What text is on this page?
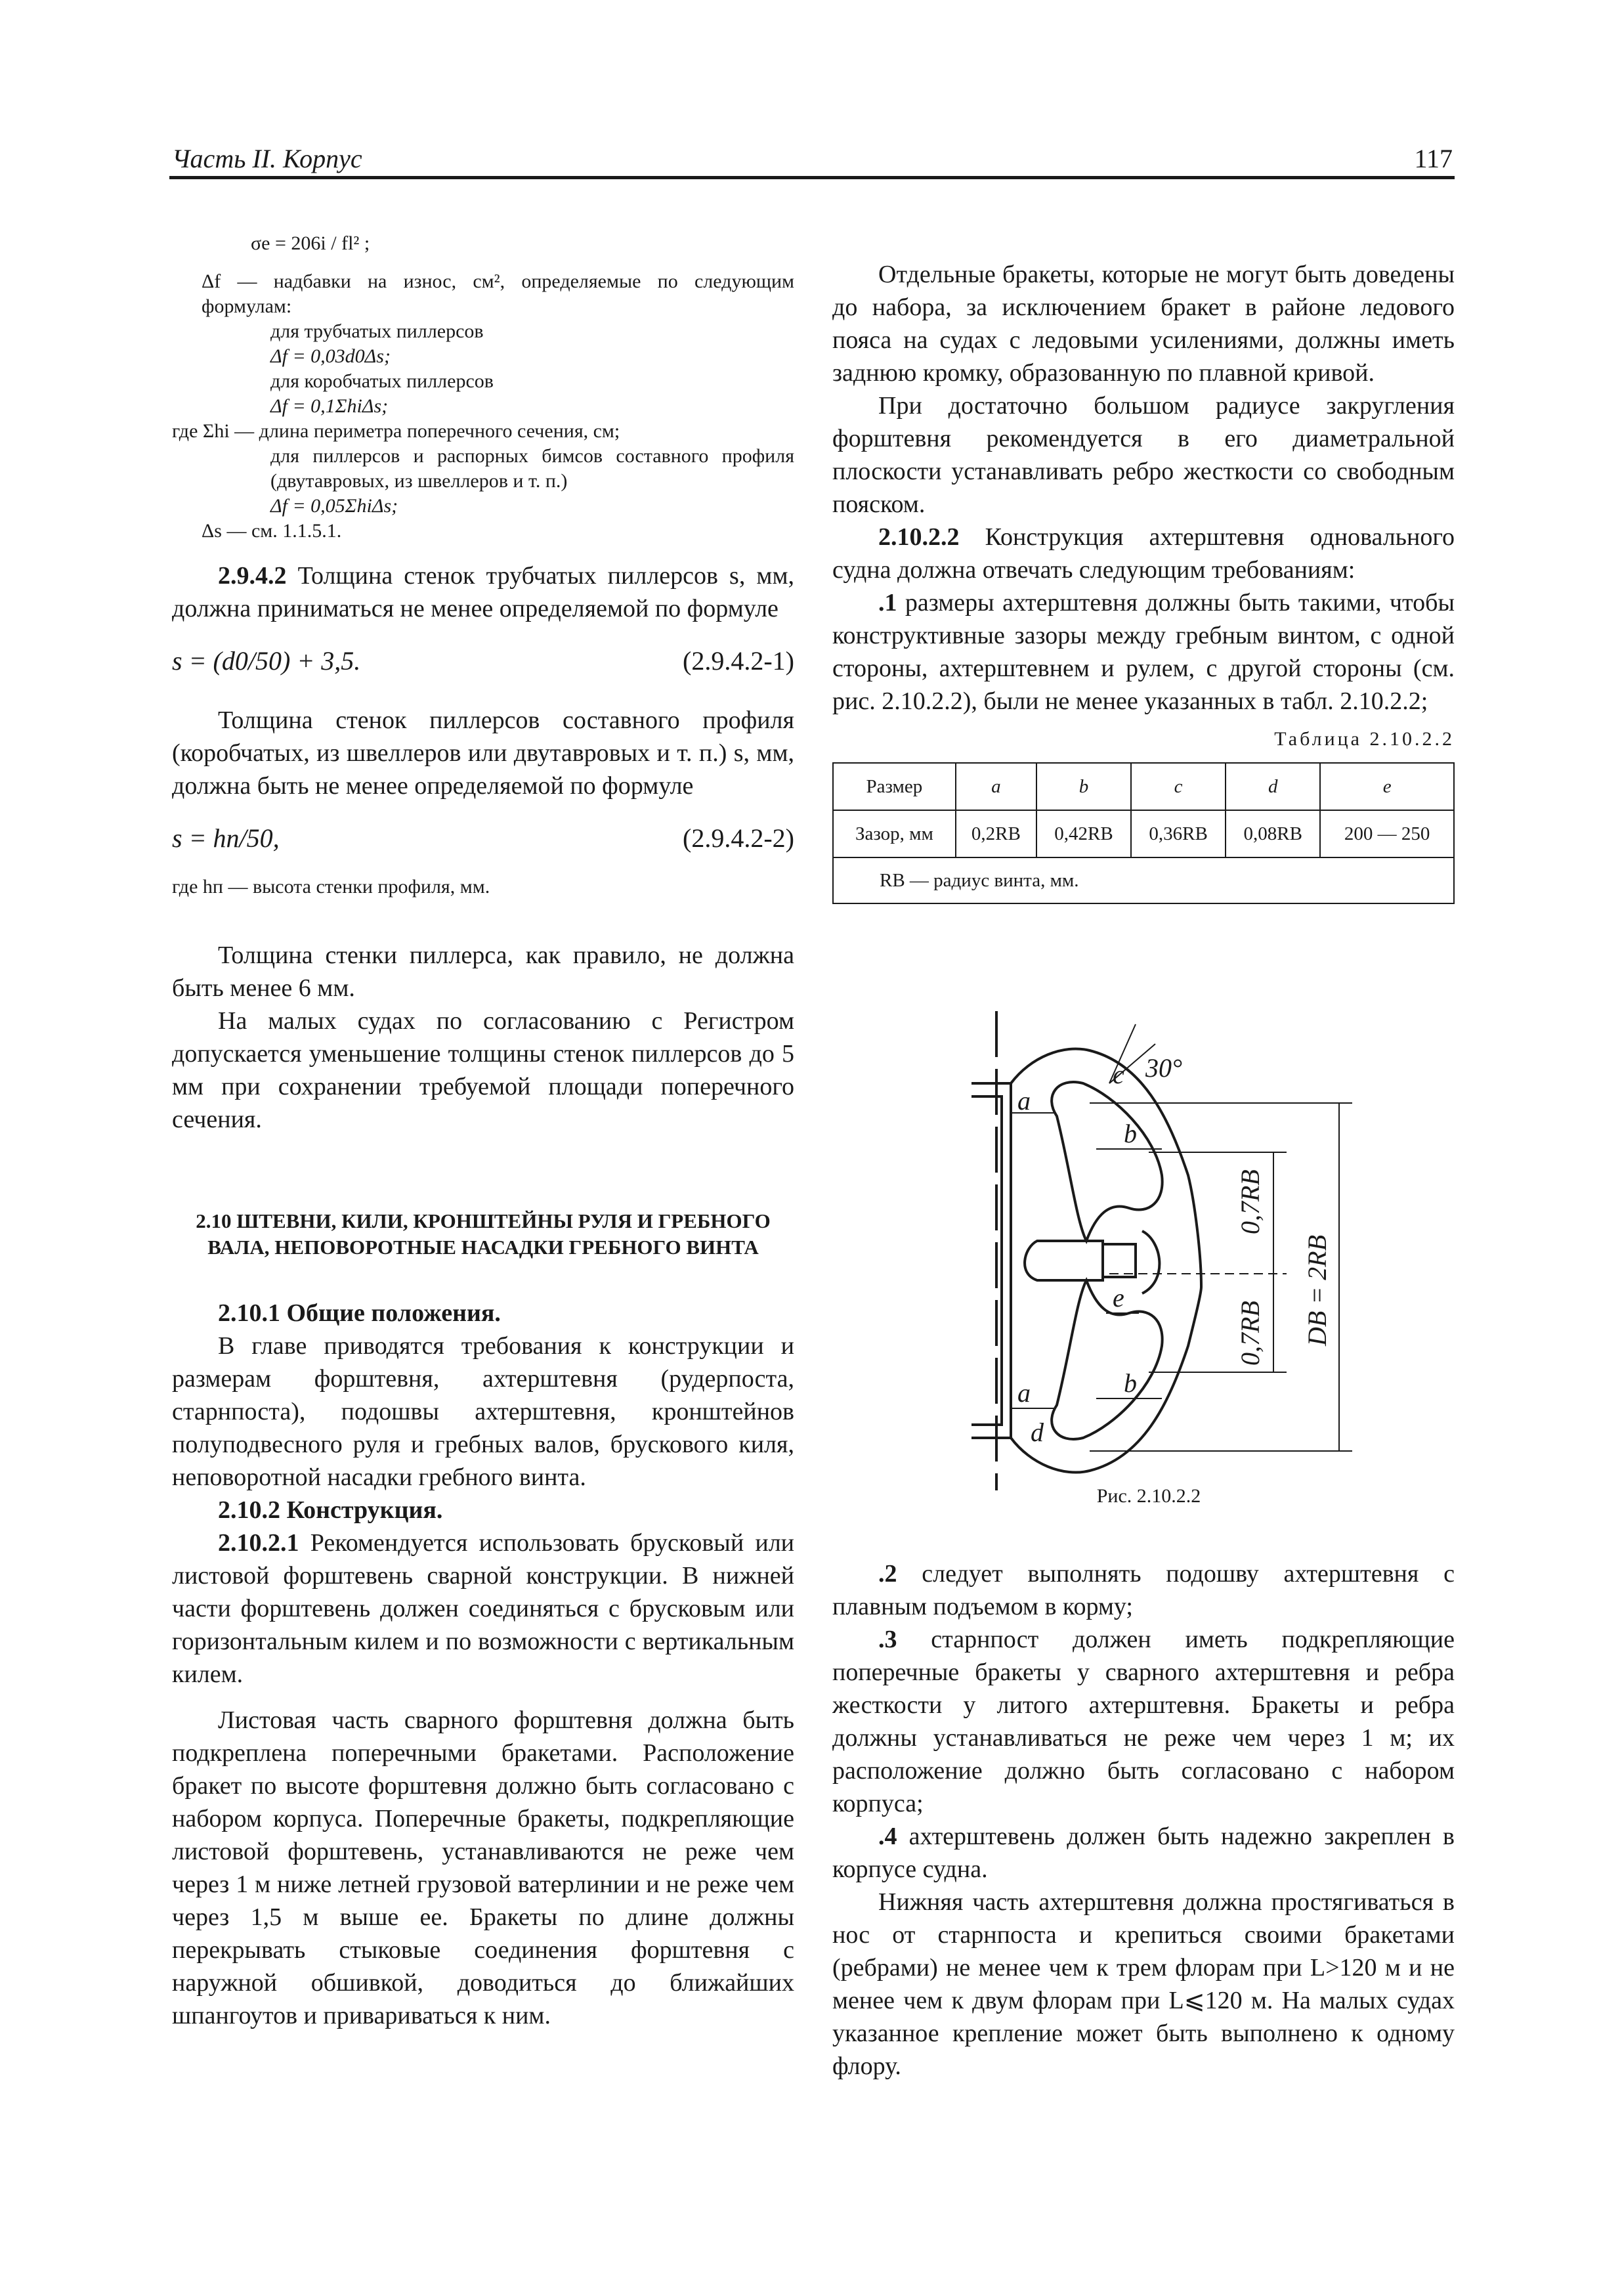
Часть II. Корпус	117
σe = 206i / fl² ;
Δf — надбавки на износ, см², определяемые по следующим формулам:
для трубчатых пиллерсов
Δf = 0,03d0Δs;
для коробчатых пиллерсов
Δf = 0,1ΣhiΔs;
где Σhi — длина периметра поперечного сечения, см;
для пиллерсов и распорных бимсов составного профиля (двутавровых, из швеллеров и т. п.)
Δf = 0,05ΣhiΔs;
Δs — см. 1.1.5.1.

2.9.4.2 Толщина стенок трубчатых пиллерсов s, мм, должна приниматься не менее определяемой по формуле

s = (d0/50) + 3,5.	(2.9.4.2-1)

Толщина стенок пиллерсов составного профиля (коробчатых, из швеллеров или двутавровых и т. п.) s, мм, должна быть не менее определяемой по формуле

s = hп/50,	(2.9.4.2-2)
где hп — высота стенки профиля, мм.

Толщина стенки пиллерса, как правило, не должна быть менее 6 мм.

На малых судах по согласованию с Регистром допускается уменьшение толщины стенок пиллерсов до 5 мм при сохранении требуемой площади поперечного сечения.

2.10 ШТЕВНИ, КИЛИ, КРОНШТЕЙНЫ РУЛЯ И ГРЕБНОГО ВАЛА, НЕПОВОРОТНЫЕ НАСАДКИ ГРЕБНОГО ВИНТА

2.10.1 Общие положения.

В главе приводятся требования к конструкции и размерам форштевня, ахтерштевня (рудерпоста, старнпоста), подошвы ахтерштевня, кронштейнов полуподвесного руля и гребных валов, брускового киля, неповоротной насадки гребного винта.

2.10.2 Конструкция.

2.10.2.1 Рекомендуется использовать брусковый или листовой форштевень сварной конструкции. В нижней части форштевень должен соединяться с брусковым или горизонтальным килем и по возможности с вертикальным килем.

Листовая часть сварного форштевня должна быть подкреплена поперечными бракетами. Расположение бракет по высоте форштевня должно быть согласовано с набором корпуса. Поперечные бракеты, подкрепляющие листовой форштевень, устанавливаются не реже чем через 1 м ниже летней грузовой ватерлинии и не реже чем через 1,5 м выше ее. Бракеты по длине должны перекрывать стыковые соединения форштевня с наружной обшивкой, доводиться до ближайших шпангоутов и привариваться к ним.

Отдельные бракеты, которые не могут быть доведены до набора, за исключением бракет в районе ледового пояса на судах с ледовыми усилениями, должны иметь заднюю кромку, образованную по плавной кривой.

При достаточно большом радиусе закругления форштевня рекомендуется в его диаметральной плоскости устанавливать ребро жесткости со свободным пояском.

2.10.2.2 Конструкция ахтерштевня одновального судна должна отвечать следующим требованиям:

.1 размеры ахтерштевня должны быть такими, чтобы конструктивные зазоры между гребным винтом, с одной стороны, ахтерштевнем и рулем, с другой стороны (см. рис. 2.10.2.2), были не менее указанных в табл. 2.10.2.2;

Таблица 2.10.2.2
Размер	a	b	c	d	e
Зазор, мм	0,2RB	0,42RB	0,36RB	0,08RB	200 — 250
RB — радиус винта, мм.					
30°
a
c
b
e
b
a
d
0,7RB
0,7RB DB = 2RB
Рис. 2.10.2.2

.2 следует выполнять подошву ахтерштевня с плавным подъемом в корму;

.3 старнпост должен иметь подкрепляющие поперечные бракеты у сварного ахтерштевня и ребра жесткости у литого ахтерштевня. Бракеты и ребра должны устанавливаться не реже чем через 1 м; их расположение должно быть согласовано с набором корпуса;

.4 ахтерштевень должен быть надежно закреплен в корпусе судна.

Нижняя часть ахтерштевня должна простягиваться в нос от старнпоста и крепиться своими бракетами (ребрами) не менее чем к трем флорам при L>120 м и не менее чем к двум флорам при L⩽120 м. На малых судах указанное крепление может быть выполнено к одному флору.
